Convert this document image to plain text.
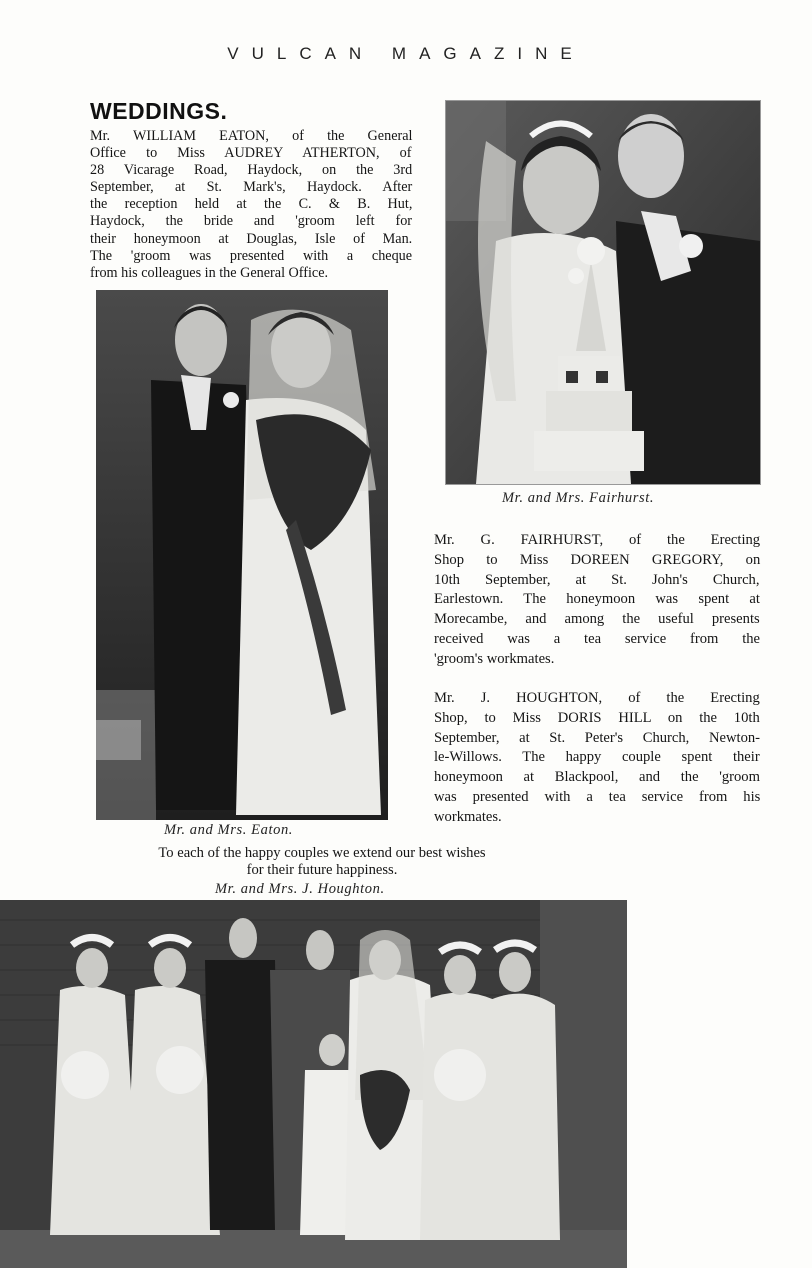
VULCAN MAGAZINE
WEDDINGS.
Mr. WILLIAM EATON, of the General
Office to Miss AUDREY ATHERTON, of
28 Vicarage Road, Haydock, on the 3rd
September, at St. Mark's, Haydock. After
the reception held at the C. & B. Hut,
Haydock, the bride and 'groom left for
their honeymoon at Douglas, Isle of Man.
The 'groom was presented with a cheque
from his colleagues in the General Office.
Mr. and Mrs. Fairhurst.
Mr. and Mrs. Eaton.
Mr. G. FAIRHURST, of the Erecting
Shop to Miss DOREEN GREGORY, on
10th September, at St. John's Church,
Earlestown. The honeymoon was spent at
Morecambe, and among the useful presents
received was a tea service from the
'groom's workmates.
Mr. J. HOUGHTON, of the Erecting
Shop, to Miss DORIS HILL on the 10th
September, at St. Peter's Church, Newton-
le-Willows. The happy couple spent their
honeymoon at Blackpool, and the 'groom
was presented with a tea service from his
workmates.
To each of the happy couples we extend our best wishes
for their future happiness.
Mr. and Mrs. J. Houghton.
